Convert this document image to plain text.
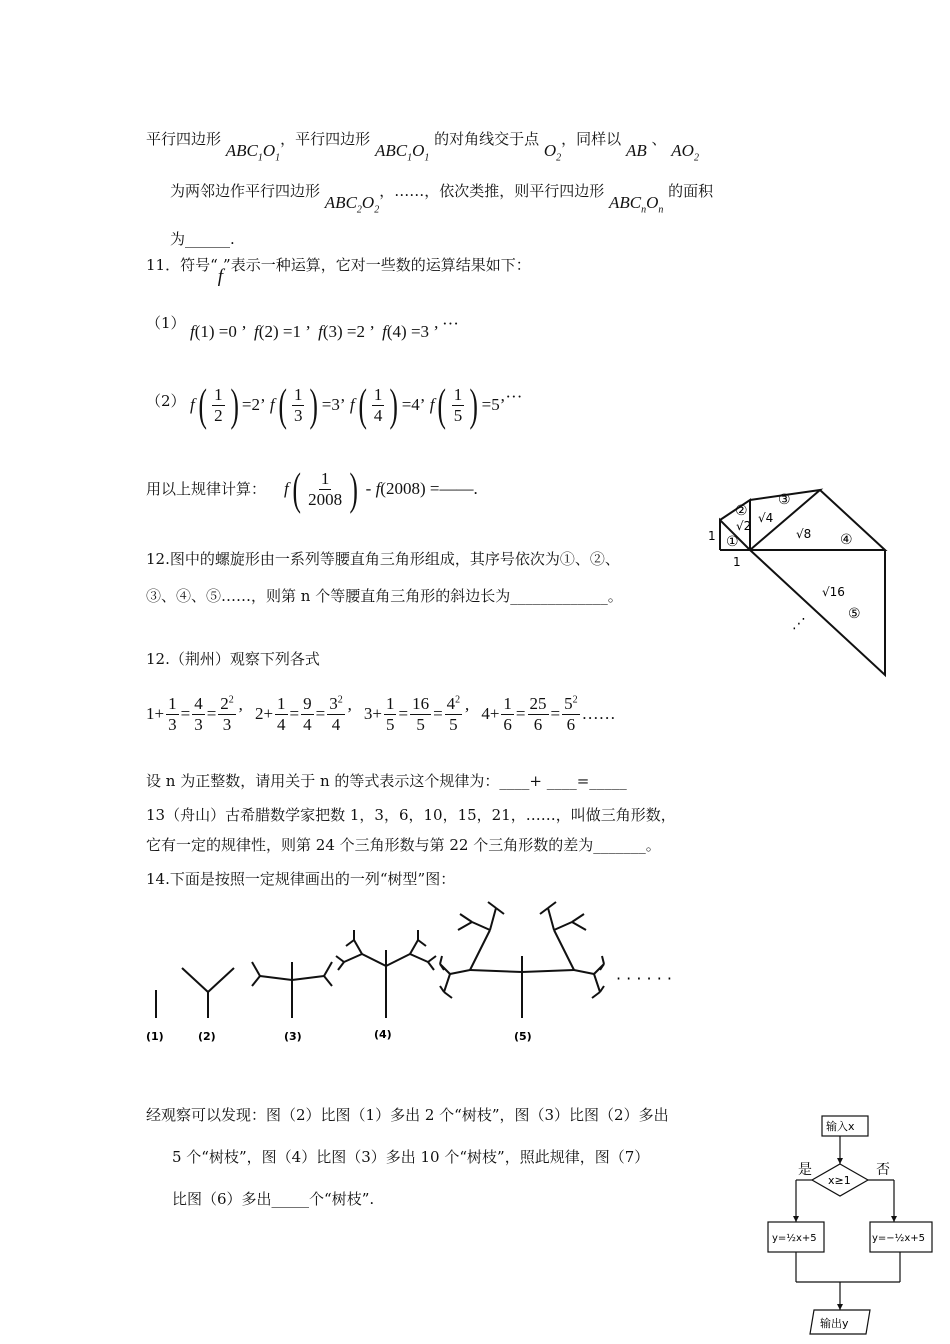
平行四边形 $ABC_1O_1$，平行四边形 $ABC_1O_1$ 的对角线交于点 $O_2$，同样以 AB 、 $AO_2$
为两邻边作平行四边形 $ABC_2O_2$，……，依次类推，则平行四边形 $ABC_nO_n$ 的面积
为______.
11．符号“f”表示一种运算，它对一些数的运算结果如下：
（1） f(1) =0 ’  f(2) =1 ’  f(3) =2 ’  f(4) =3 ’ ···
（2） f ( $\frac{1}{2}$ ) =2 ’ f ( $\frac{1}{3}$ ) =3 ’ f ( $\frac{1}{4}$ ) =4 ’ f ( $\frac{1}{5}$ ) =5 ’ ···
用以上规律计算： f ( $\frac{1}{2008}$ ) - f (2008) =——.
②
①
③
④
⑤
√2
√4
√8
√16
1
1
⋰
12.图中的螺旋形由一系列等腰直角三角形组成，其序号依次为①、②、
③、④、⑤……，则第 n 个等腰直角三角形的斜边长为_____________。
12.（荆州）观察下列各式
$1 + \frac{1}{3} = \frac{4}{3} = \frac{2^2}{3}$ ’ $2 + \frac{1}{4} = \frac{9}{4} = \frac{3^2}{4}$ ’ $3 + \frac{1}{5} = \frac{16}{5} = \frac{4^2}{5}$ ’ $4 + \frac{1}{6} = \frac{25}{6} = \frac{5^2}{6}$ ……
设 n 为正整数，请用关于 n 的等式表示这个规律为：____+ ____=_____
13（舟山）古希腊数学家把数 1，3，6，10，15，21，……，叫做三角形数，
它有一定的规律性，则第 24 个三角形数与第 22 个三角形数的差为_______。
14.下面是按照一定规律画出的一列“树型”图：
· · · · · ·
(1)	(2)	(3)	(4)	(5)
经观察可以发现：图（2）比图（1）多出 2 个“树枝”，图（3）比图（2）多出
5 个“树枝”，图（4）比图（3）多出 10 个“树枝”，照此规律，图（7）
比图（6）多出_____个“树枝”.
输入x
x≥1
是	否
y=½x+5	y=−½x+5
输出y
